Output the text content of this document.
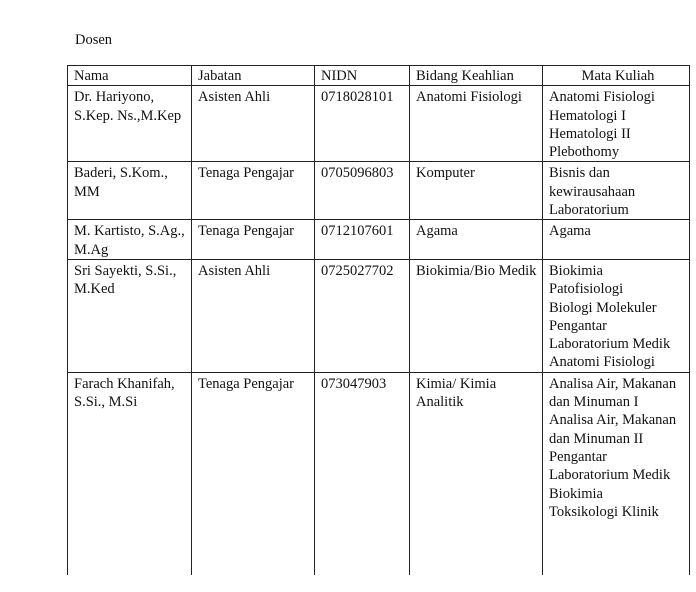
Dosen
Nama	Jabatan	NIDN	Bidang Keahlian	Mata Kuliah
Dr. Hariyono, S.Kep. Ns.,M.Kep	Asisten Ahli	0718028101	Anatomi Fisiologi	Anatomi Fisiologi
Hematologi I
Hematologi II
Plebothomy

Baderi, S.Kom., MM	Tenaga Pengajar	0705096803	Komputer	Bisnis dan kewirausahaan
Laboratorium

M. Kartisto, S.Ag., M.Ag	Tenaga Pengajar	0712107601	Agama	Agama

Sri Sayekti, S.Si., M.Ked	Asisten Ahli	0725027702	Biokimia/Bio Medik	Biokimia
Patofisiologi
Biologi Molekuler
Pengantar Laboratorium Medik
Anatomi Fisiologi

Farach Khanifah, S.Si., M.Si	Tenaga Pengajar	073047903	Kimia/ Kimia Analitik	Analisa Air, Makanan dan Minuman I
Analisa Air, Makanan dan Minuman II
Pengantar Laboratorium Medik
Biokimia
Toksikologi Klinik
